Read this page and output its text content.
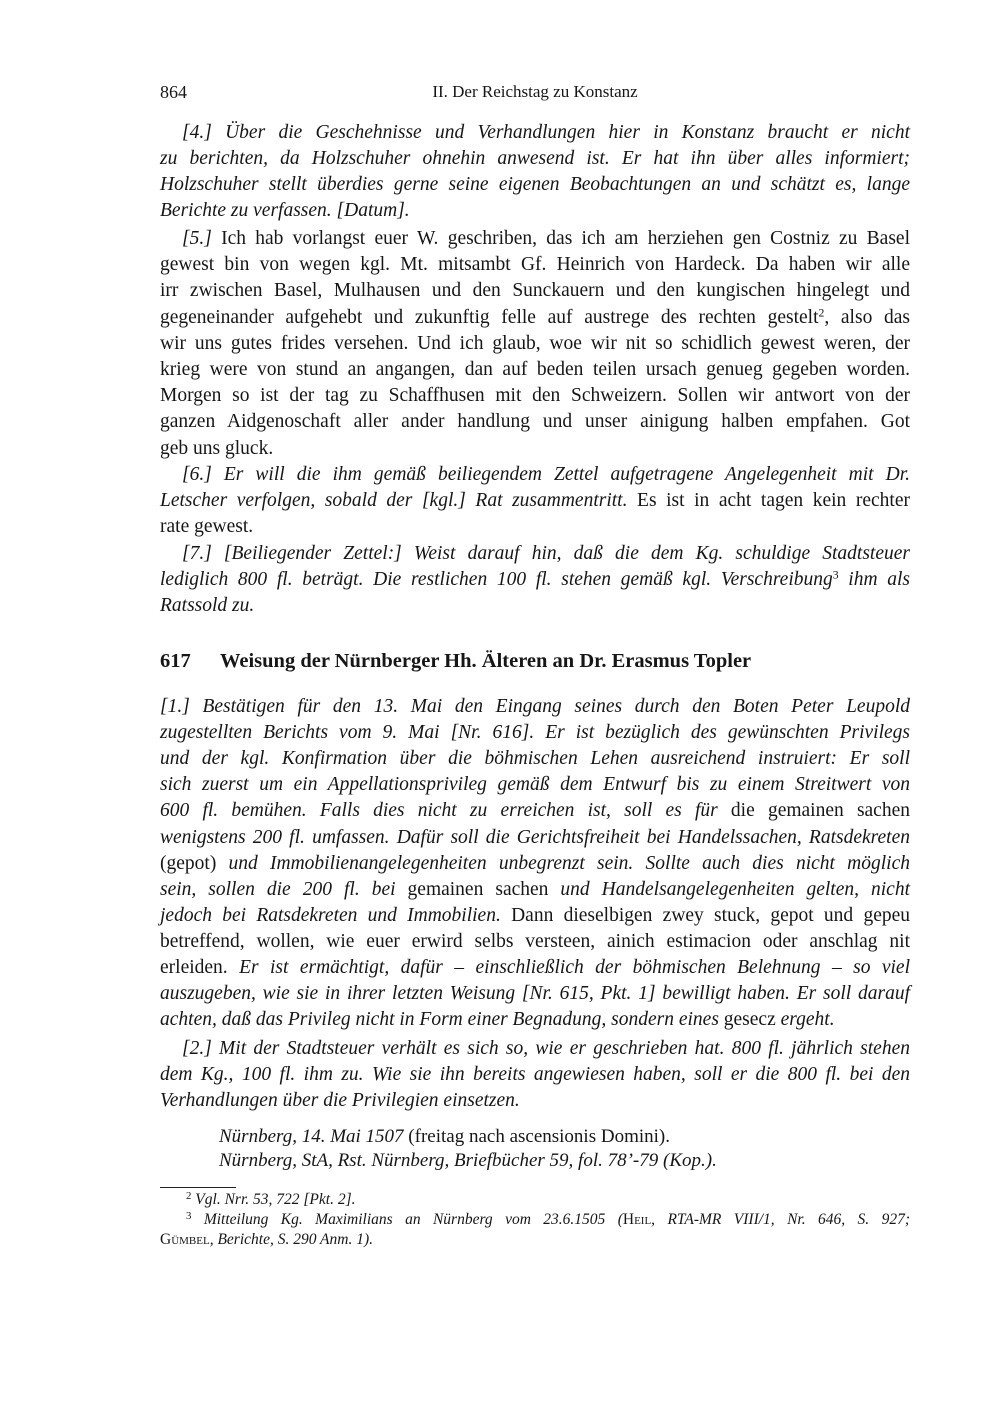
864	II. Der Reichstag zu Konstanz
[4.] Über die Geschehnisse und Verhandlungen hier in Konstanz braucht er nicht
zu berichten, da Holzschuher ohnehin anwesend ist. Er hat ihn über alles informiert;
Holzschuher stellt überdies gerne seine eigenen Beobachtungen an und schätzt es, lange
Berichte zu verfassen. [Datum].
[5.] Ich hab vorlangst euer W. geschriben, das ich am herziehen gen Costniz zu Basel
gewest bin von wegen kgl. Mt. mitsambt Gf. Heinrich von Hardeck. Da haben wir alle
irr zwischen Basel, Mulhausen und den Sunckauern und den kungischen hingelegt und
gegeneinander aufgehebt und zukunftig felle auf austrege des rechten gestelt$^2$, also das
wir uns gutes frides versehen. Und ich glaub, woe wir nit so schidlich gewest weren, der
krieg were von stund an angangen, dan auf beden teilen ursach genueg gegeben worden.
Morgen so ist der tag zu Schaffhusen mit den Schweizern. Sollen wir antwort von der
ganzen Aidgenoschaft aller ander handlung und unser ainigung halben empfahen. Got
geb uns gluck.
[6.] Er will die ihm gemäß beiliegendem Zettel aufgetragene Angelegenheit mit Dr.
Letscher verfolgen, sobald der [kgl.] Rat zusammentritt. Es ist in acht tagen kein rechter
rate gewest.
[7.] [Beiliegender Zettel:] Weist darauf hin, daß die dem Kg. schuldige Stadtsteuer
lediglich 800 fl. beträgt. Die restlichen 100 fl. stehen gemäß kgl. Verschreibung$^3$ ihm als
Ratssold zu.
617 Weisung der Nürnberger Hh. Älteren an Dr. Erasmus Topler
[1.] Bestätigen für den 13. Mai den Eingang seines durch den Boten Peter Leupold
zugestellten Berichts vom 9. Mai [Nr. 616]. Er ist bezüglich des gewünschten Privilegs
und der kgl. Konfirmation über die böhmischen Lehen ausreichend instruiert: Er soll
sich zuerst um ein Appellationsprivileg gemäß dem Entwurf bis zu einem Streitwert von
600 fl. bemühen. Falls dies nicht zu erreichen ist, soll es für die gemainen sachen
wenigstens 200 fl. umfassen. Dafür soll die Gerichtsfreiheit bei Handelssachen, Ratsdekreten
(gepot) und Immobilienangelegenheiten unbegrenzt sein. Sollte auch dies nicht möglich
sein, sollen die 200 fl. bei gemainen sachen und Handelsangelegenheiten gelten, nicht
jedoch bei Ratsdekreten und Immobilien. Dann dieselbigen zwey stuck, gepot und gepeu
betreffend, wollen, wie euer erwird selbs versteen, ainich estimacion oder anschlag nit
erleiden. Er ist ermächtigt, dafür – einschließlich der böhmischen Belehnung – so viel
auszugeben, wie sie in ihrer letzten Weisung [Nr. 615, Pkt. 1] bewilligt haben. Er soll darauf
achten, daß das Privileg nicht in Form einer Begnadung, sondern eines gesecz ergeht.
[2.] Mit der Stadtsteuer verhält es sich so, wie er geschrieben hat. 800 fl. jährlich stehen
dem Kg., 100 fl. ihm zu. Wie sie ihn bereits angewiesen haben, soll er die 800 fl. bei den
Verhandlungen über die Privilegien einsetzen.
Nürnberg, 14. Mai 1507 (freitag nach ascensionis Domini).
Nürnberg, StA, Rst. Nürnberg, Briefbücher 59, fol. 78’-79 (Kop.).
$^2$ Vgl. Nrr. 53, 722 [Pkt. 2].
$^3$ Mitteilung Kg. Maximilians an Nürnberg vom 23.6.1505 (Heil, RTA-MR VIII/1, Nr. 646, S. 927;
Gümbel, Berichte, S. 290 Anm. 1).
